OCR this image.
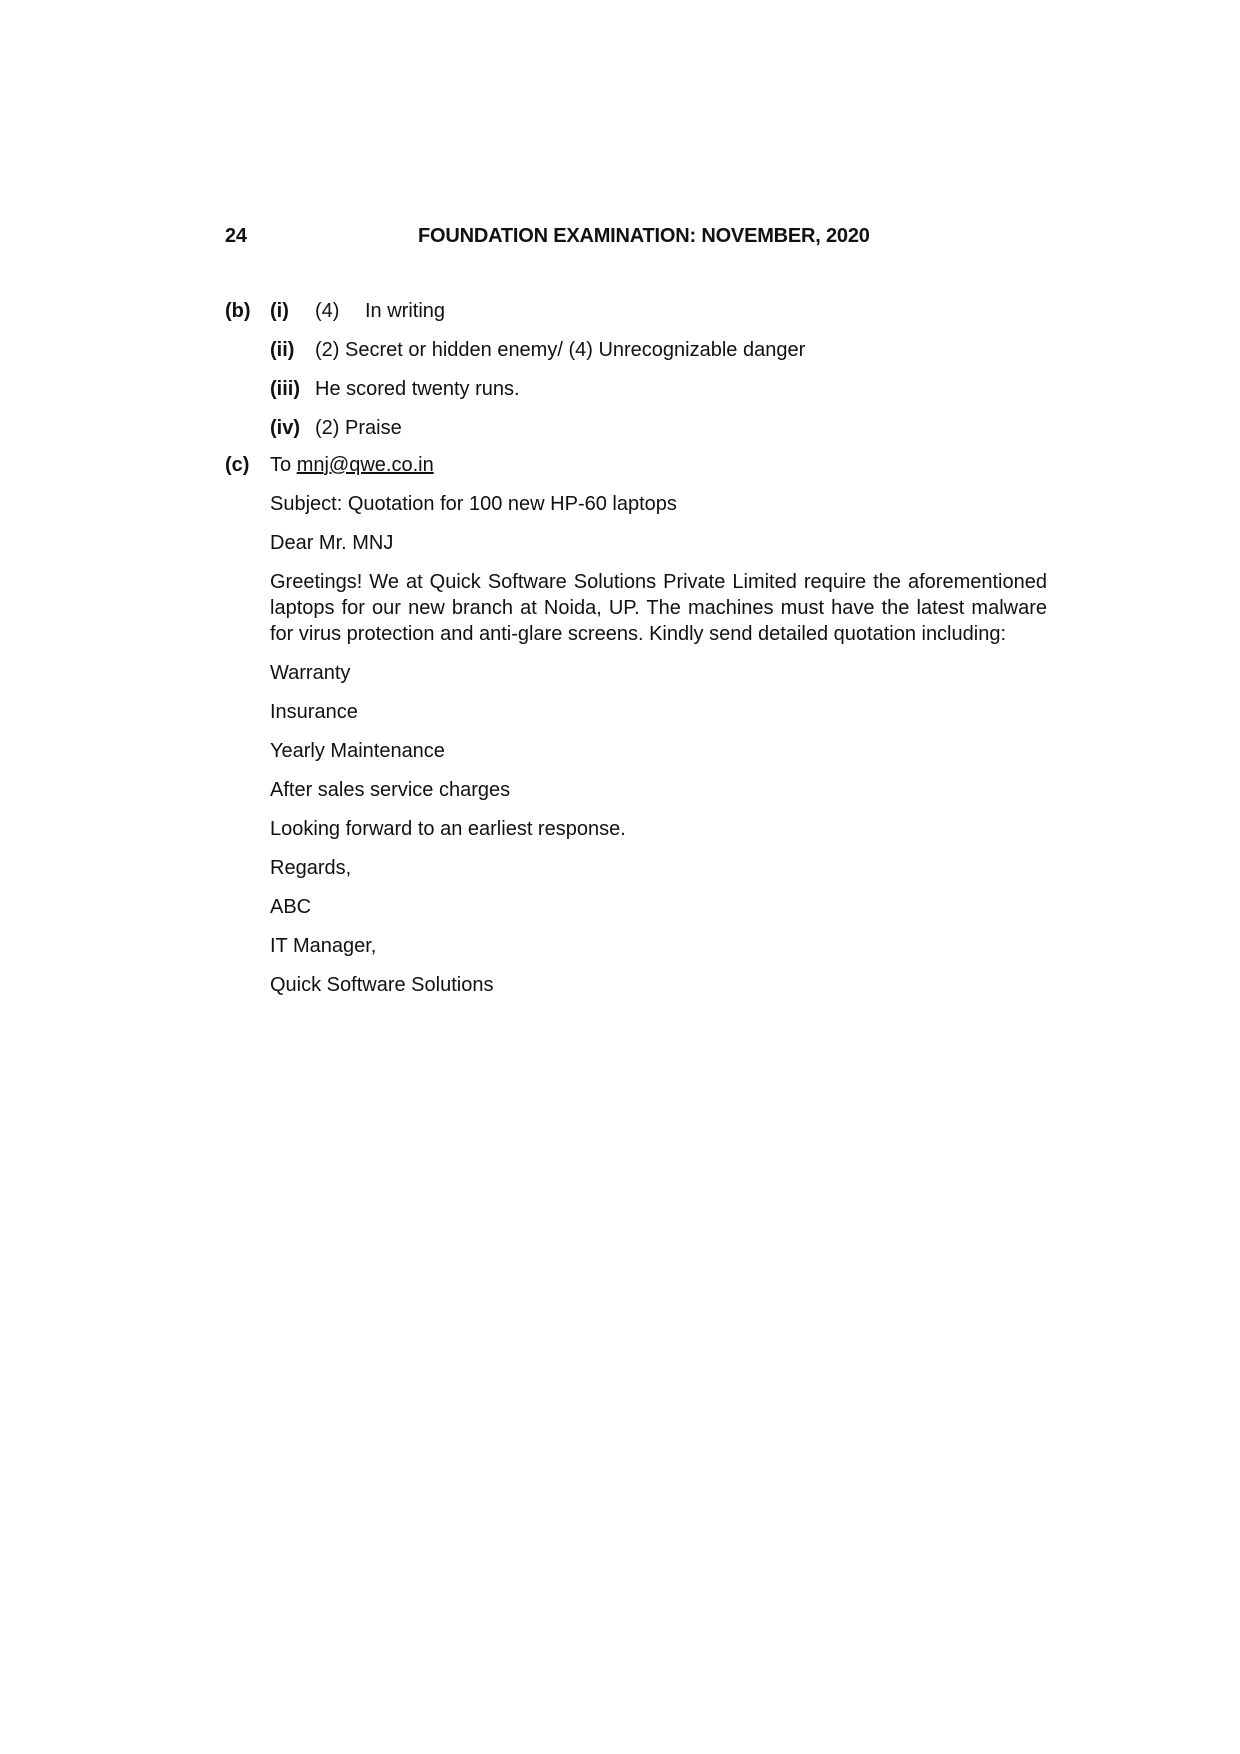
24	FOUNDATION EXAMINATION: NOVEMBER, 2020
(b) (i) (4) In writing
(ii) (2) Secret or hidden enemy/ (4) Unrecognizable danger
(iii) He scored twenty runs.
(iv) (2) Praise
(c) To mnj@qwe.co.in
Subject: Quotation for 100 new HP-60 laptops
Dear Mr. MNJ
Greetings! We at Quick Software Solutions Private Limited require the aforementioned laptops for our new branch at Noida, UP. The machines must have the latest malware for virus protection and anti-glare screens. Kindly send detailed quotation including:
Warranty
Insurance
Yearly Maintenance
After sales service charges
Looking forward to an earliest response.
Regards,
ABC
IT Manager,
Quick Software Solutions
